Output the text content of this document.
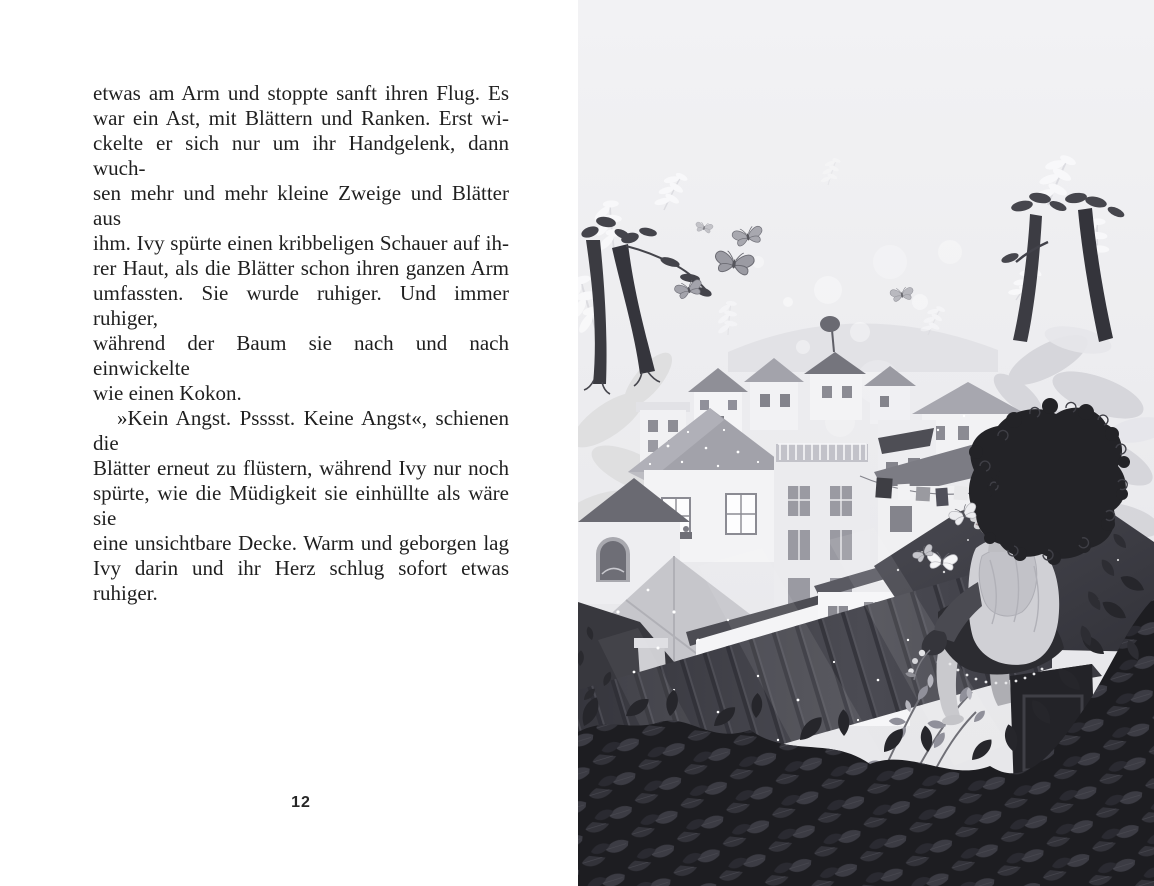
etwas am Arm und stoppte sanft ihren Flug. Es
war ein Ast, mit Blättern und Ranken. Erst wi-
ckelte er sich nur um ihr Handgelenk, dann wuch-
sen mehr und mehr kleine Zweige und Blätter aus
ihm. Ivy spürte einen kribbeligen Schauer auf ih-
rer Haut, als die Blätter schon ihren ganzen Arm
umfassten. Sie wurde ruhiger. Und immer ruhiger,
während der Baum sie nach und nach einwickelte
wie einen Kokon.
»Kein Angst. Psssst. Keine Angst«, schienen die
Blätter erneut zu flüstern, während Ivy nur noch
spürte, wie die Müdigkeit sie einhüllte als wäre sie
eine unsichtbare Decke. Warm und geborgen lag
Ivy darin und ihr Herz schlug sofort etwas ruhiger.
12
